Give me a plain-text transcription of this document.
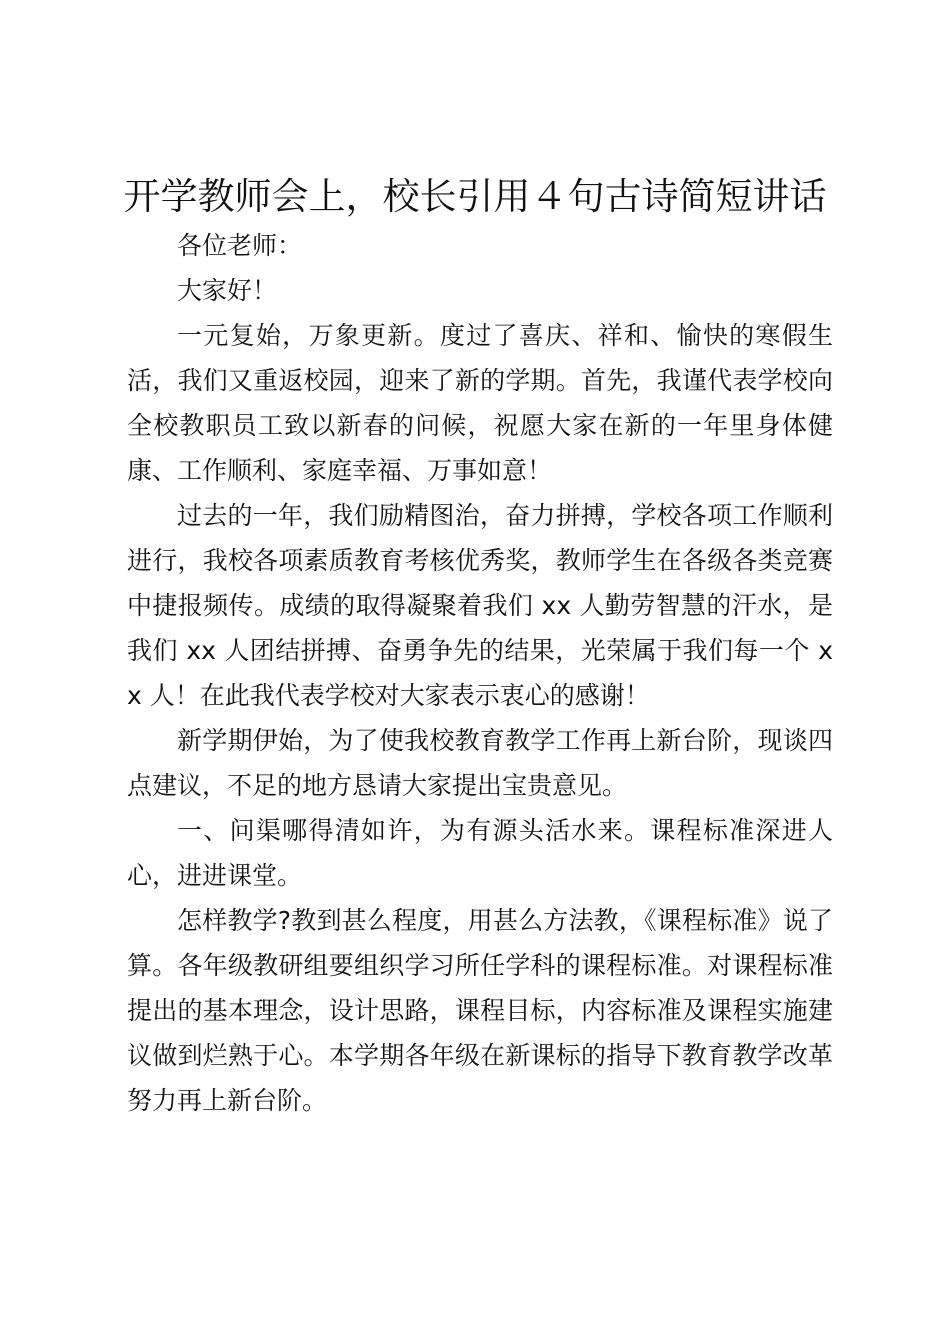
开学教师会上，校长引用４句古诗简短讲话

各位老师：

大家好！

一元复始，万象更新。度过了喜庆、祥和、愉快的寒假生活，我们又重返校园，迎来了新的学期。首先，我谨代表学校向全校教职员工致以新春的问候，祝愿大家在新的一年里身体健康、工作顺利、家庭幸福、万事如意！

过去的一年，我们励精图治，奋力拼搏，学校各项工作顺利进行，我校各项素质教育考核优秀奖，教师学生在各级各类竞赛中捷报频传。成绩的取得凝聚着我们 xx 人勤劳智慧的汗水，是我们 xx 人团结拼搏、奋勇争先的结果，光荣属于我们每一个 xx 人！在此我代表学校对大家表示衷心的感谢！

新学期伊始，为了使我校教育教学工作再上新台阶，现谈四点建议，不足的地方恳请大家提出宝贵意见。

一、问渠哪得清如许，为有源头活水来。课程标准深进人心，进进课堂。

怎样教学?教到甚么程度，用甚么方法教，《课程标准》说了算。各年级教研组要组织学习所任学科的课程标准。对课程标准提出的基本理念，设计思路，课程目标，内容标准及课程实施建议做到烂熟于心。本学期各年级在新课标的指导下教育教学改革努力再上新台阶。
